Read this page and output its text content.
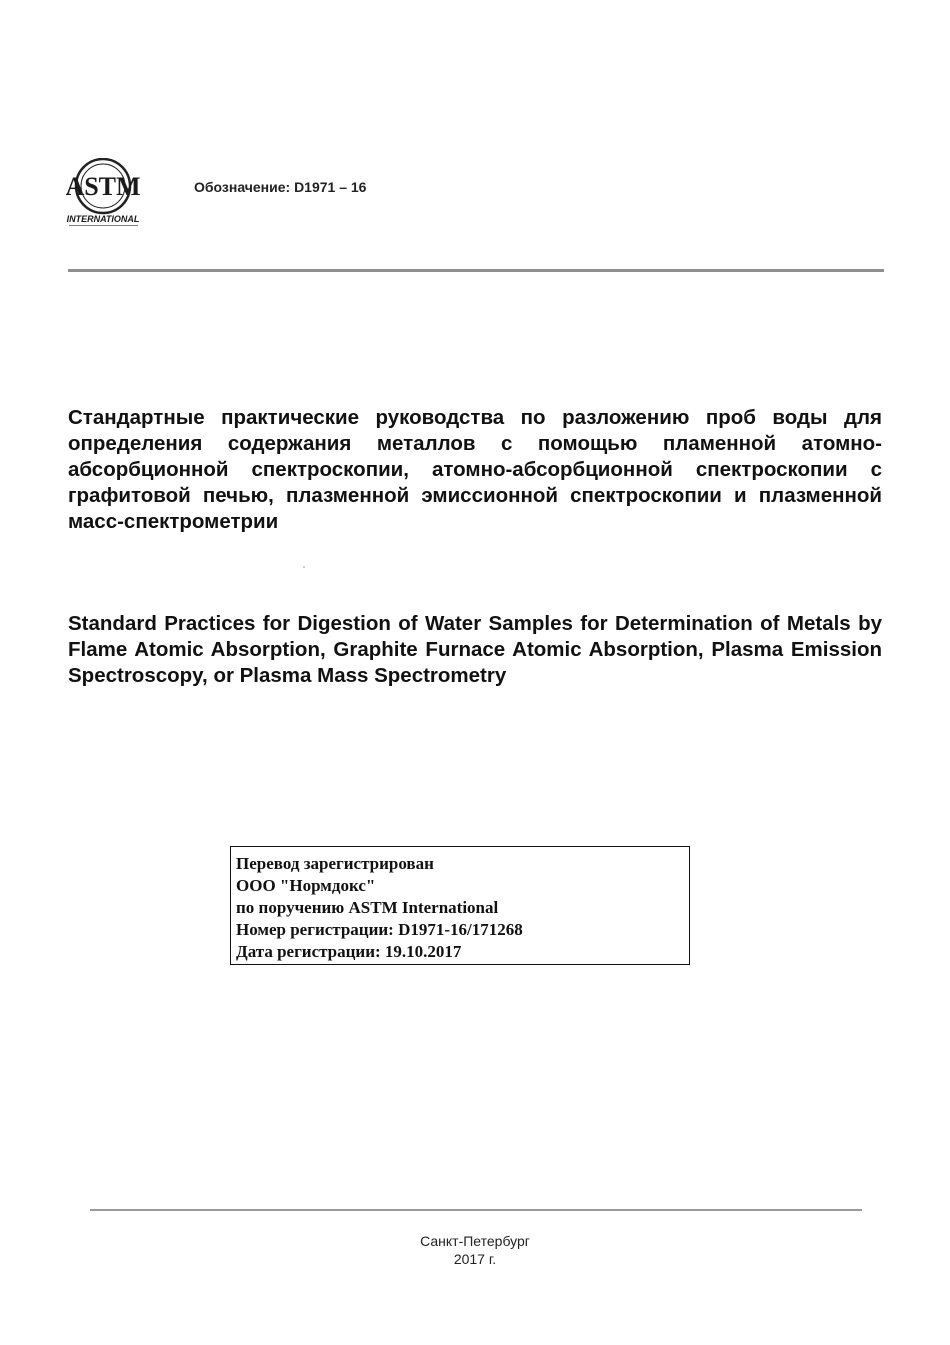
ASTM
INTERNATIONAL
Обозначение: D1971 – 16
Стандартные практические руководства по разложению проб воды для определения содержания металлов с помощью пламенной атомно-абсорбционной спектроскопии, атомно-абсорбционной спектроскопии с графитовой печью, плазменной эмиссионной спектроскопии и плазменной масс-спектрометрии
Standard Practices for Digestion of Water Samples for Determination of Metals by Flame Atomic Absorption, Graphite Furnace Atomic Absorption, Plasma Emission Spectroscopy, or Plasma Mass Spectrometry
Перевод зарегистрирован
ООО "Нормдокс"
по поручению ASTM International
Номер регистрации: D1971-16/171268
Дата регистрации: 19.10.2017
Санкт-Петербург
2017 г.
